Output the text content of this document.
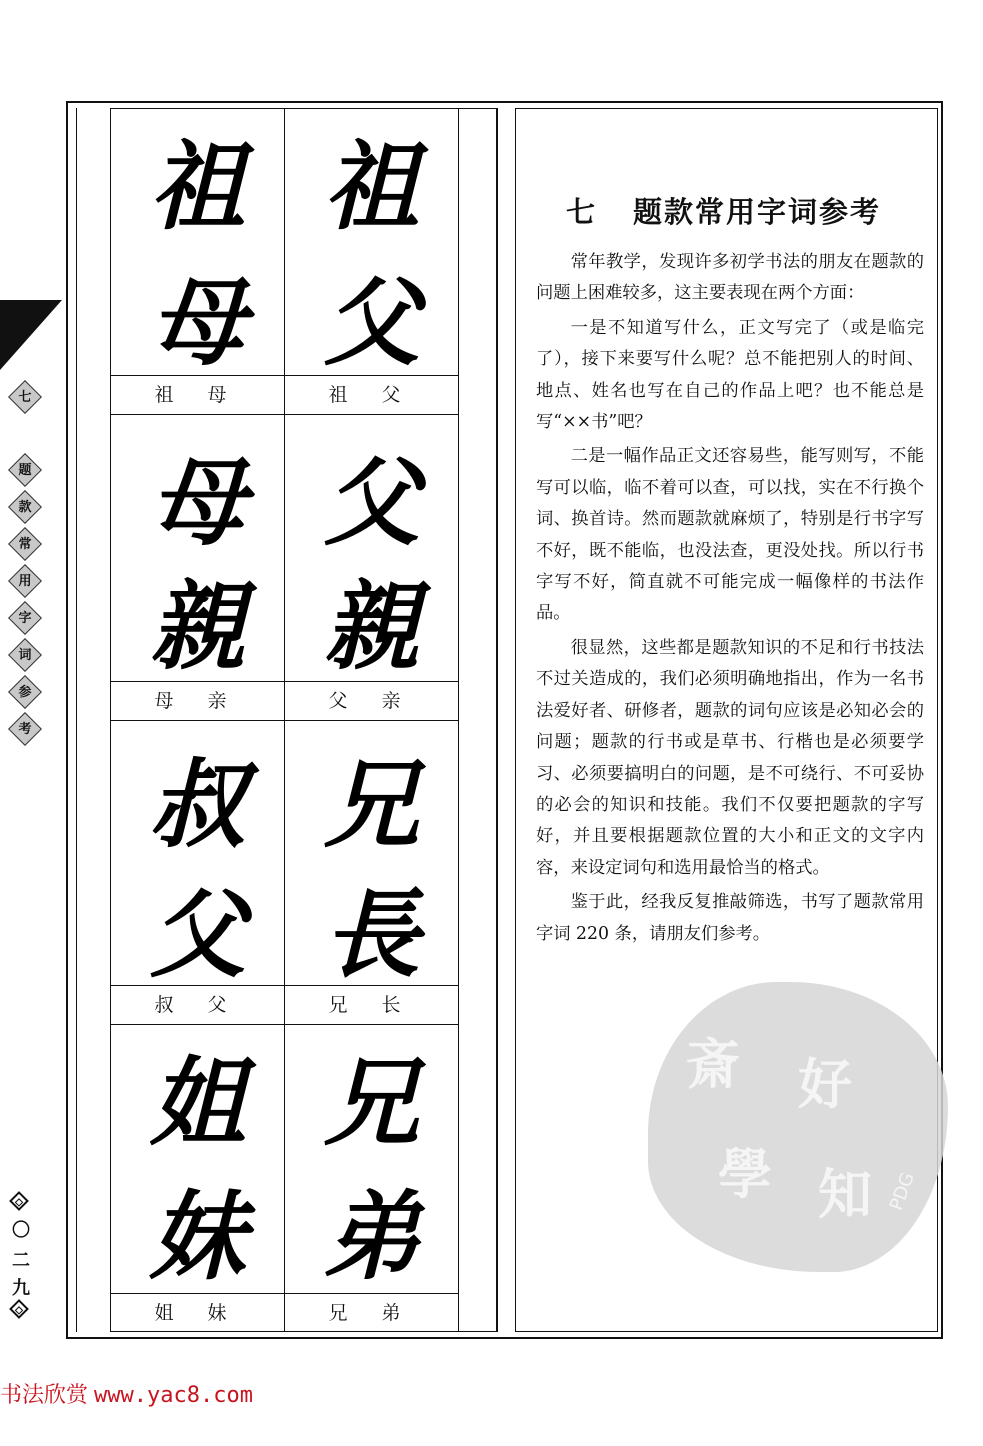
七
题
款
常
用
字
词
参
考
〇
二
九
祖
母
祖 母
祖
父
祖 父
母
親
母 亲
父
親
父 亲
叔
父
叔 父
兄
長
兄 长
姐
妹
姐 妹
兄
弟
兄 弟
斎 好
學 知 PDG
七 题款常用字词参考

常年教学，发现许多初学书法的朋友在题款的问题上困难较多，这主要表现在两个方面：

一是不知道写什么，正文写完了（或是临完了），接下来要写什么呢？总不能把别人的时间、地点、姓名也写在自己的作品上吧？也不能总是写“××书”吧？

二是一幅作品正文还容易些，能写则写，不能写可以临，临不着可以查，可以找，实在不行换个词、换首诗。然而题款就麻烦了，特别是行书字写不好，既不能临，也没法查，更没处找。所以行书字写不好，简直就不可能完成一幅像样的书法作品。

很显然，这些都是题款知识的不足和行书技法不过关造成的，我们必须明确地指出，作为一名书法爱好者、研修者，题款的词句应该是必知必会的问题；题款的行书或是草书、行楷也是必须要学习、必须要搞明白的问题，是不可绕行、不可妥协的必会的知识和技能。我们不仅要把题款的字写好，并且要根据题款位置的大小和正文的文字内容，来设定词句和选用最恰当的格式。

鉴于此，经我反复推敲筛选，书写了题款常用字词 220 条，请朋友们参考。

书法欣赏 www.yac8.com
